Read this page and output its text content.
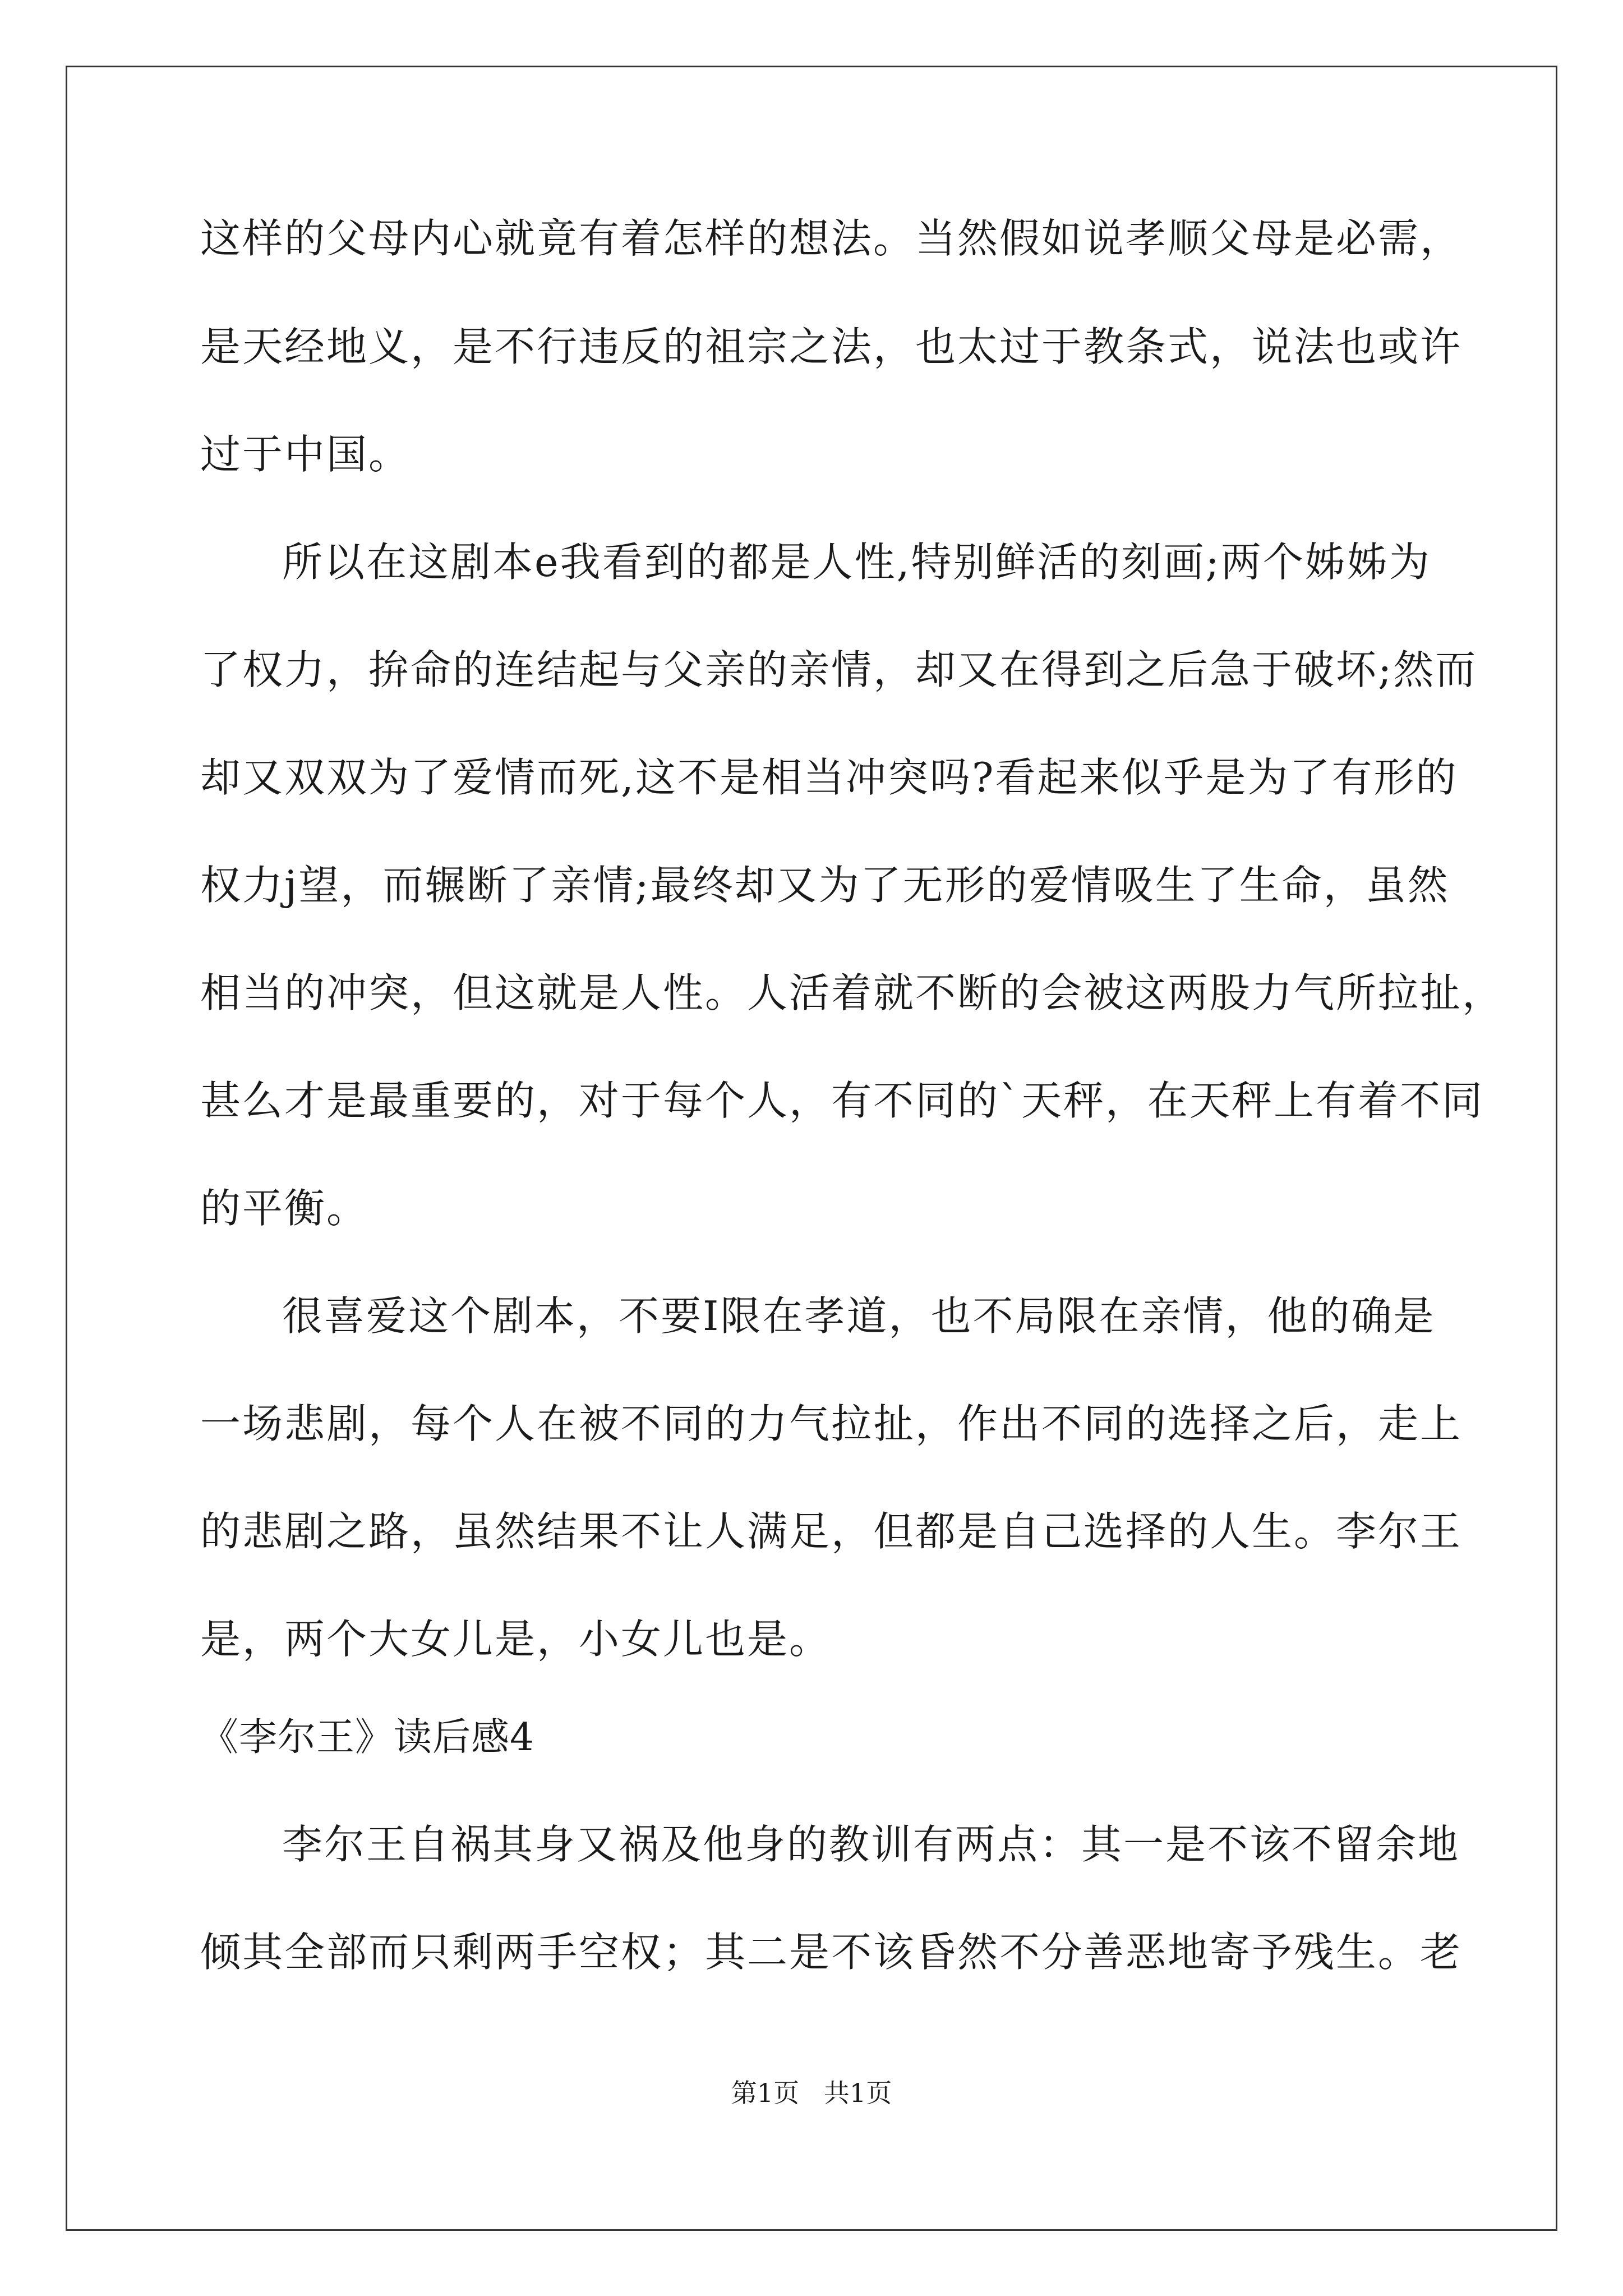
这样的父母内心就竟有着怎样的想法。当然假如说孝顺父母是必需，
是天经地义，是不行违反的祖宗之法，也太过于教条式，说法也或许
过于中国。
所以在这剧本e我看到的都是人性,特别鲜活的刻画;两个姊姊为
了权力，拚命的连结起与父亲的亲情，却又在得到之后急于破坏;然而
却又双双为了爱情而死,这不是相当冲突吗?看起来似乎是为了有形的
权力j望，而辗断了亲情;最终却又为了无形的爱情吸生了生命，虽然
相当的冲突，但这就是人性。人活着就不断的会被这两股力气所拉扯，
甚么才是最重要的，对于每个人，有不同的`天秤，在天秤上有着不同
的平衡。
很喜爱这个剧本，不要I限在孝道，也不局限在亲情，他的确是
一场悲剧，每个人在被不同的力气拉扯，作出不同的选择之后，走上
的悲剧之路，虽然结果不让人满足，但都是自己选择的人生。李尔王
是，两个大女儿是，小女儿也是。
《李尔王》读后感4
李尔王自祸其身又祸及他身的教训有两点：其一是不该不留余地
倾其全部而只剩两手空权；其二是不该昏然不分善恶地寄予残生。老
第1页   共1页
